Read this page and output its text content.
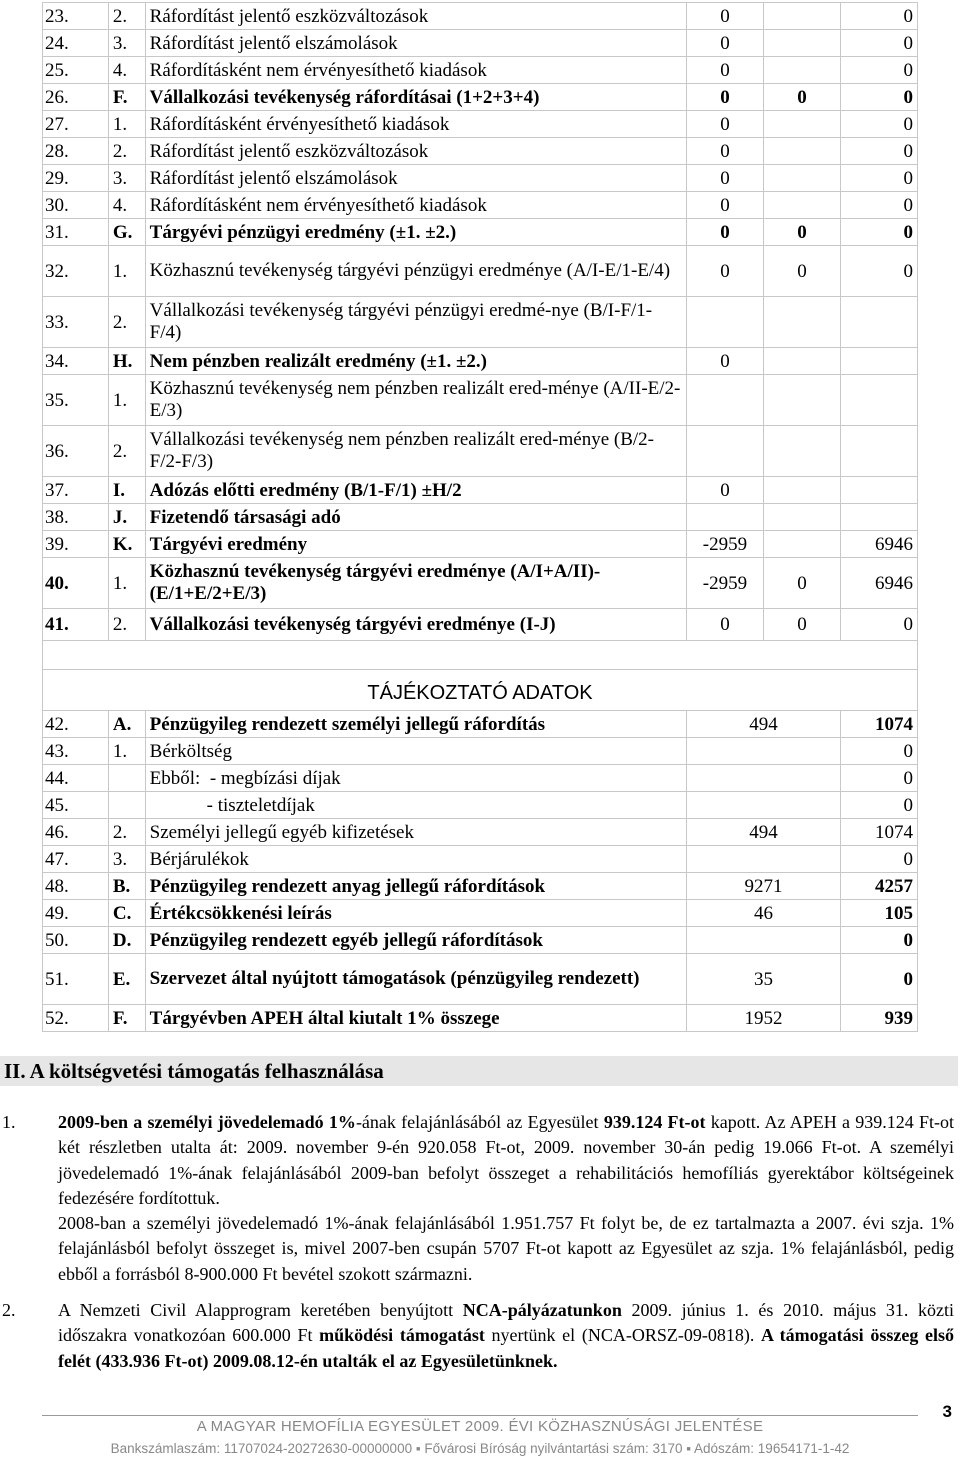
23.	2.	Ráfordítást jelentő eszközváltozások	0		0
24.	3.	Ráfordítást jelentő elszámolások	0		0
25.	4.	Ráfordításként nem érvényesíthető kiadások	0		0
26.	F.	Vállalkozási tevékenység ráfordításai (1+2+3+4)	0	0	0
27.	1.	Ráfordításként érvényesíthető kiadások	0		0
28.	2.	Ráfordítást jelentő eszközváltozások	0		0
29.	3.	Ráfordítást jelentő elszámolások	0		0
30.	4.	Ráfordításként nem érvényesíthető kiadások	0		0
31.	G.	Tárgyévi pénzügyi eredmény (±1. ±2.)	0	0	0
32.	1.	Közhasznú tevékenység tárgyévi pénzügyi eredménye (A/I-E/1-E/4)	0	0	0
33.	2.	Vállalkozási tevékenység tárgyévi pénzügyi eredmé-nye (B/I-F/1-F/4)			
34.	H.	Nem pénzben realizált eredmény (±1. ±2.)	0		
35.	1.	Közhasznú tevékenység nem pénzben realizált ered-ménye (A/II-E/2-E/3)			
36.	2.	Vállalkozási tevékenység nem pénzben realizált ered-ménye (B/2-F/2-F/3)			
37.	I.	Adózás előtti eredmény (B/1-F/1) ±H/2	0		
38.	J.	Fizetendő társasági adó			
39.	K.	Tárgyévi eredmény	-2959		6946
40.	1.	Közhasznú tevékenység tárgyévi eredménye (A/I+A/II)-(E/1+E/2+E/3)	-2959	0	6946
41.	2.	Vállalkozási tevékenység tárgyévi eredménye (I-J)	0	0	0

TÁJÉKOZTATÓ ADATOK					
42.	A.	Pénzügyileg rendezett személyi jellegű ráfordítás	494		1074
43.	1.	Bérköltség			0
44.		Ebből:  - megbízási díjak			0
45.		- tiszteletdíjak			0
46.	2.	Személyi jellegű egyéb kifizetések	494		1074
47.	3.	Bérjárulékok			0
48.	B.	Pénzügyileg rendezett anyag jellegű ráfordítások	9271		4257
49.	C.	Értékcsökkenési leírás	46		105
50.	D.	Pénzügyileg rendezett egyéb jellegű ráfordítások			0
51.	E.	Szervezet által nyújtott támogatások (pénzügyileg rendezett)	35		0
52.	F.	Tárgyévben APEH által kiutalt 1% összege	1952		939
II. A költségvetési támogatás felhasználása
1. 2009-ben a személyi jövedelemadó 1%-ának felajánlásából az Egyesület 939.124 Ft-ot kapott. Az APEH a 939.124 Ft-ot két részletben utalta át: 2009. november 9-én 920.058 Ft-ot, 2009. november 30-án pedig 19.066 Ft-ot. A személyi jövedelemadó 1%-ának felajánlásából 2009-ban befolyt összeget a rehabilitációs hemofíliás gyerektábor költségeinek fedezésére fordítottuk.
2008-ban a személyi jövedelemadó 1%-ának felajánlásából 1.951.757 Ft folyt be, de ez tartalmazta a 2007. évi szja. 1% felajánlásból befolyt összeget is, mivel 2007-ben csupán 5707 Ft-ot kapott az Egyesület az szja. 1% felajánlásból, pedig ebből a forrásból 8-900.000 Ft bevétel szokott származni.
2. A Nemzeti Civil Alapprogram keretében benyújtott NCA-pályázatunkon 2009. június 1. és 2010. május 31. közti időszakra vonatkozóan 600.000 Ft működési támogatást nyertünk el (NCA-ORSZ-09-0818). A támogatási összeg első felét (433.936 Ft-ot) 2009.08.12-én utalták el az Egyesületünknek.
3
A MAGYAR HEMOFÍLIA EGYESÜLET 2009. ÉVI KÖZHASZNÚSÁGI JELENTÉSE
Bankszámlaszám: 11707024-20272630-00000000 ▪ Fővárosi Bíróság nyilvántartási szám: 3170 ▪ Adószám: 19654171-1-42
